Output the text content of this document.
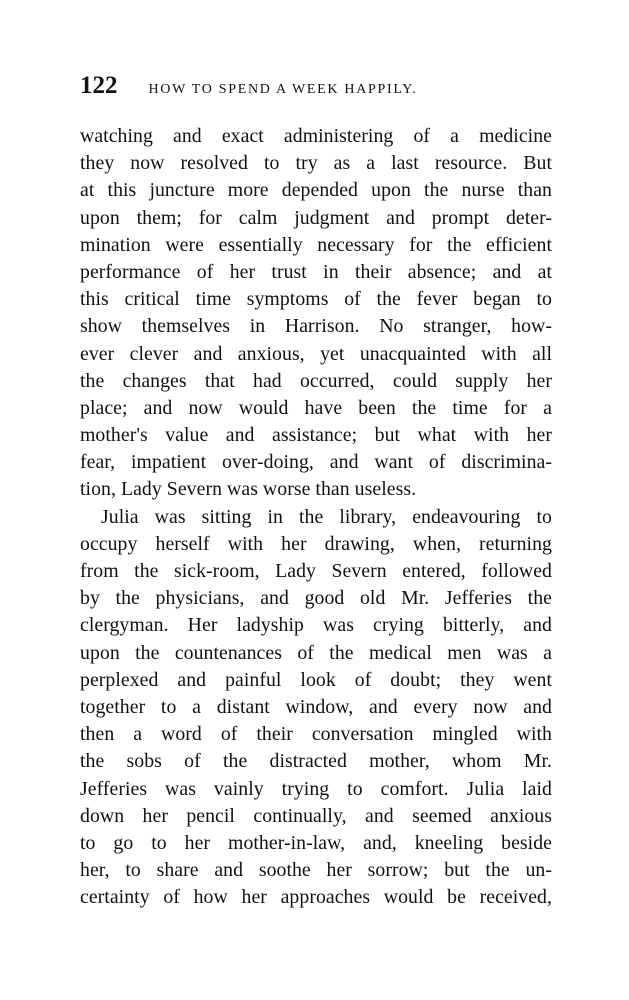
122 HOW TO SPEND A WEEK HAPPILY.
watching and exact administering of a medicine
they now resolved to try as a last resource. But
at this juncture more depended upon the nurse than
upon them; for calm judgment and prompt deter-
mination were essentially necessary for the efficient
performance of her trust in their absence; and at
this critical time symptoms of the fever began to
show themselves in Harrison. No stranger, how-
ever clever and anxious, yet unacquainted with all
the changes that had occurred, could supply her
place; and now would have been the time for a
mother's value and assistance; but what with her
fear, impatient over-doing, and want of discrimina-
tion, Lady Severn was worse than useless.
Julia was sitting in the library, endeavouring to
occupy herself with her drawing, when, returning
from the sick-room, Lady Severn entered, followed
by the physicians, and good old Mr. Jefferies the
clergyman. Her ladyship was crying bitterly, and
upon the countenances of the medical men was a
perplexed and painful look of doubt; they went
together to a distant window, and every now and
then a word of their conversation mingled with
the sobs of the distracted mother, whom Mr.
Jefferies was vainly trying to comfort. Julia laid
down her pencil continually, and seemed anxious
to go to her mother-in-law, and, kneeling beside
her, to share and soothe her sorrow; but the un-
certainty of how her approaches would be received,
